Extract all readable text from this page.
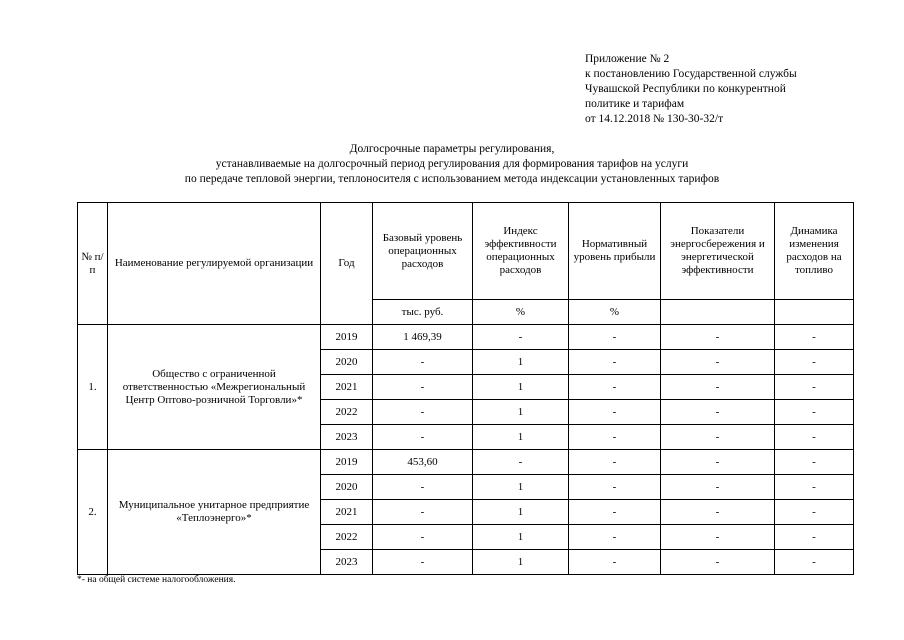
Приложение № 2
к постановлению Государственной службы
Чувашской Республики по конкурентной
политике и тарифам
от 14.12.2018 № 130-30-32/т
Долгосрочные параметры регулирования,
устанавливаемые на долгосрочный период регулирования для формирования тарифов на услуги
по передаче тепловой энергии, теплоносителя с использованием метода индексации установленных тарифов
№ п/п	Наименование регулируемой организации	Год	Базовый уровень операционных расходов	Индекс эффективности операционных расходов	Нормативный уровень прибыли	Показатели энергосбережения и энергетической эффективности	Динамика изменения расходов на топливо
			тыс. руб.	%	%		
1.	Общество с ограниченной ответственностью «Межрегиональный Центр Оптово-розничной Торговли»*	2019	1 469,39	-	-	-	-
		2020	-	1	-	-	-
		2021	-	1	-	-	-
		2022	-	1	-	-	-
		2023	-	1	-	-	-
2.	Муниципальное унитарное предприятие «Теплоэнерго»*	2019	453,60	-	-	-	-
		2020	-	1	-	-	-
		2021	-	1	-	-	-
		2022	-	1	-	-	-
		2023	-	1	-	-	-
*- на общей системе налогообложения.
